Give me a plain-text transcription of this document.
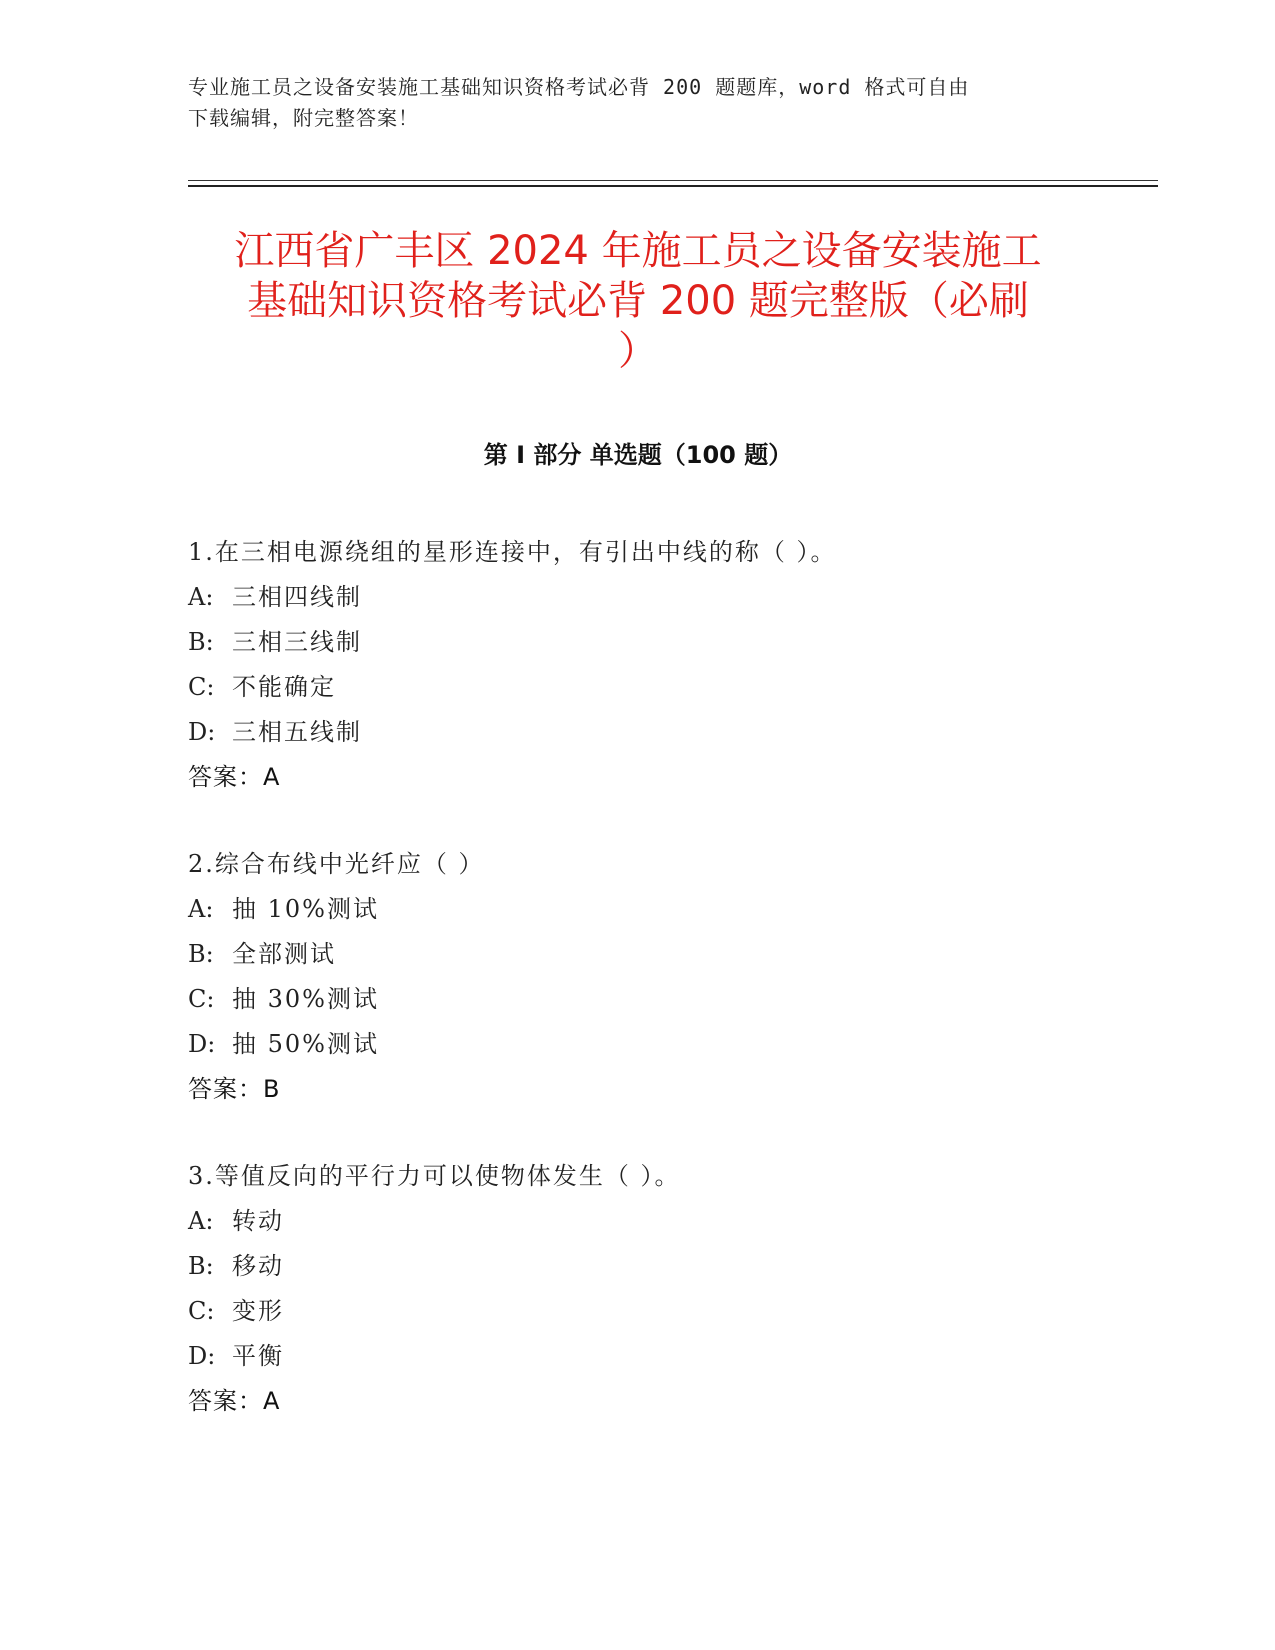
专业施工员之设备安装施工基础知识资格考试必背 200 题题库，word 格式可自由
下载编辑，附完整答案！
江西省广丰区 2024 年施工员之设备安装施工
基础知识资格考试必背 200 题完整版（必刷
）
第 I 部分 单选题（100 题）
1.在三相电源绕组的星形连接中，有引出中线的称（ ）。
A: 三相四线制
B: 三相三线制
C: 不能确定
D: 三相五线制
答案：A
2.综合布线中光纤应（ ）
A: 抽 10%测试
B: 全部测试
C: 抽 30%测试
D: 抽 50%测试
答案：B
3.等值反向的平行力可以使物体发生（ ）。
A: 转动
B: 移动
C: 变形
D: 平衡
答案：A
